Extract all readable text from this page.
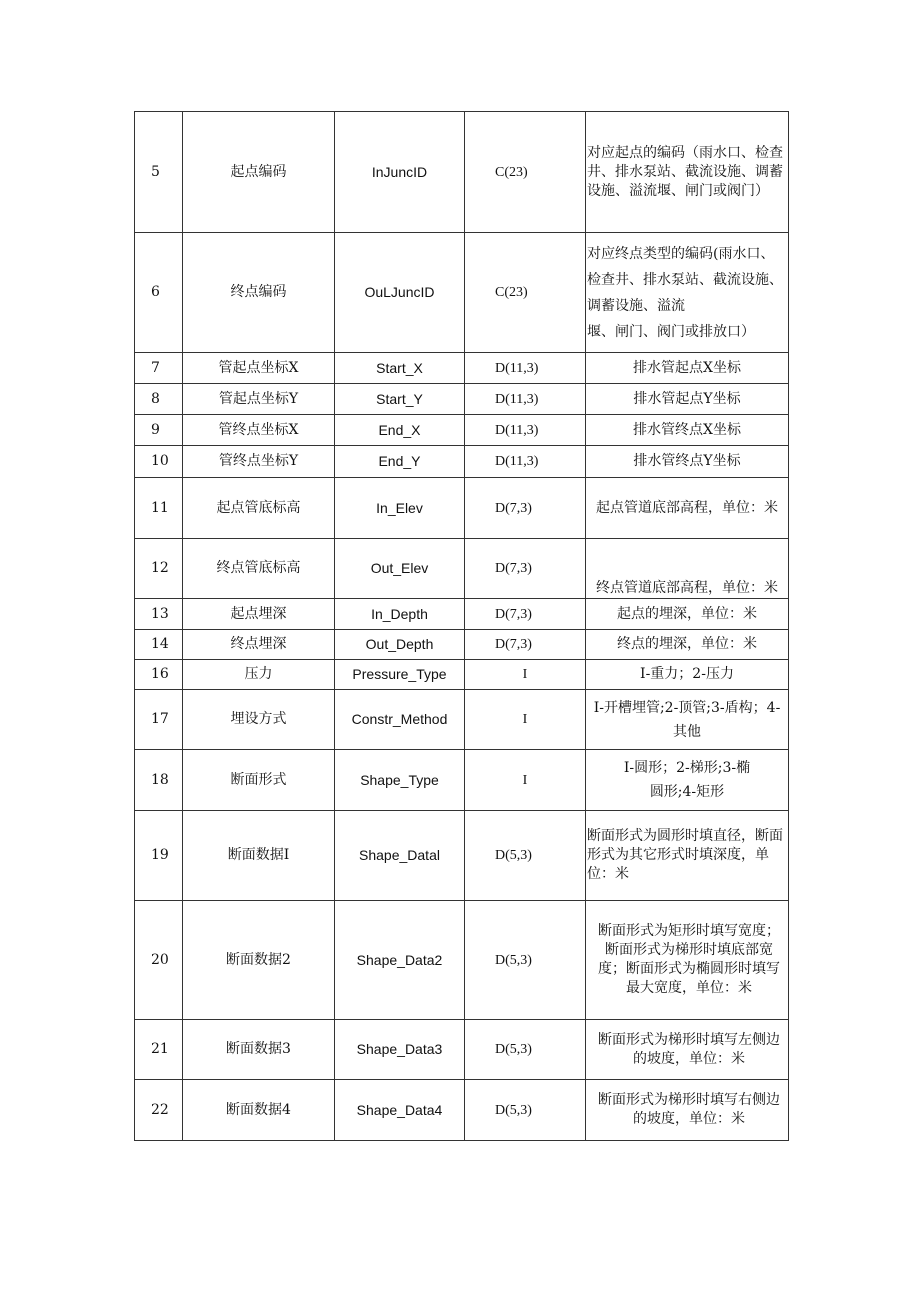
5	起点编码	InJuncID	C(23)	对应起点的编码（雨水口、检查井、排水泵站、截流设施、调蓄设施、溢流堰、闸门或阀门）
6	终点编码	OuLJuncID	C(23)	对应终点类型的编码(雨水口、检查井、排水泵站、截流设施、调蓄设施、溢流
堰、闸门、阀门或排放口）
7	管起点坐标X	Start_X	D(11,3)	排水管起点X坐标
8	管起点坐标Y	Start_Y	D(11,3)	排水管起点Y坐标
9	管终点坐标X	End_X	D(11,3)	排水管终点X坐标
10	管终点坐标Y	End_Y	D(11,3)	排水管终点Y坐标
11	起点管底标高	In_Elev	D(7,3)	起点管道底部高程，单位：米
12	终点管底标高	Out_Elev	D(7,3)	终点管道底部高程，单位：米
13	起点埋深	In_Depth	D(7,3)	起点的埋深，单位：米
14	终点埋深	Out_Depth	D(7,3)	终点的埋深，单位：米
16	压力	Pressure_Type	I	I-重力；2-压力
17	埋设方式	Constr_Method	I	I-开槽埋管;2-顶管;3-盾构；4-其他
18	断面形式	Shape_Type	I	I-圆形；2-梯形;3-椭圆形;4-矩形
19	断面数据I	Shape_Datal	D(5,3)	断面形式为圆形时填直径，断面形式为其它形式时填深度，单位：米
20	断面数据2	Shape_Data2	D(5,3)	断面形式为矩形时填写宽度；断面形式为梯形时填底部宽度；断面形式为椭圆形时填写最大宽度，单位：米
21	断面数据3	Shape_Data3	D(5,3)	断面形式为梯形时填写左侧边的坡度，单位：米
22	断面数据4	Shape_Data4	D(5,3)	断面形式为梯形时填写右侧边的坡度，单位：米
